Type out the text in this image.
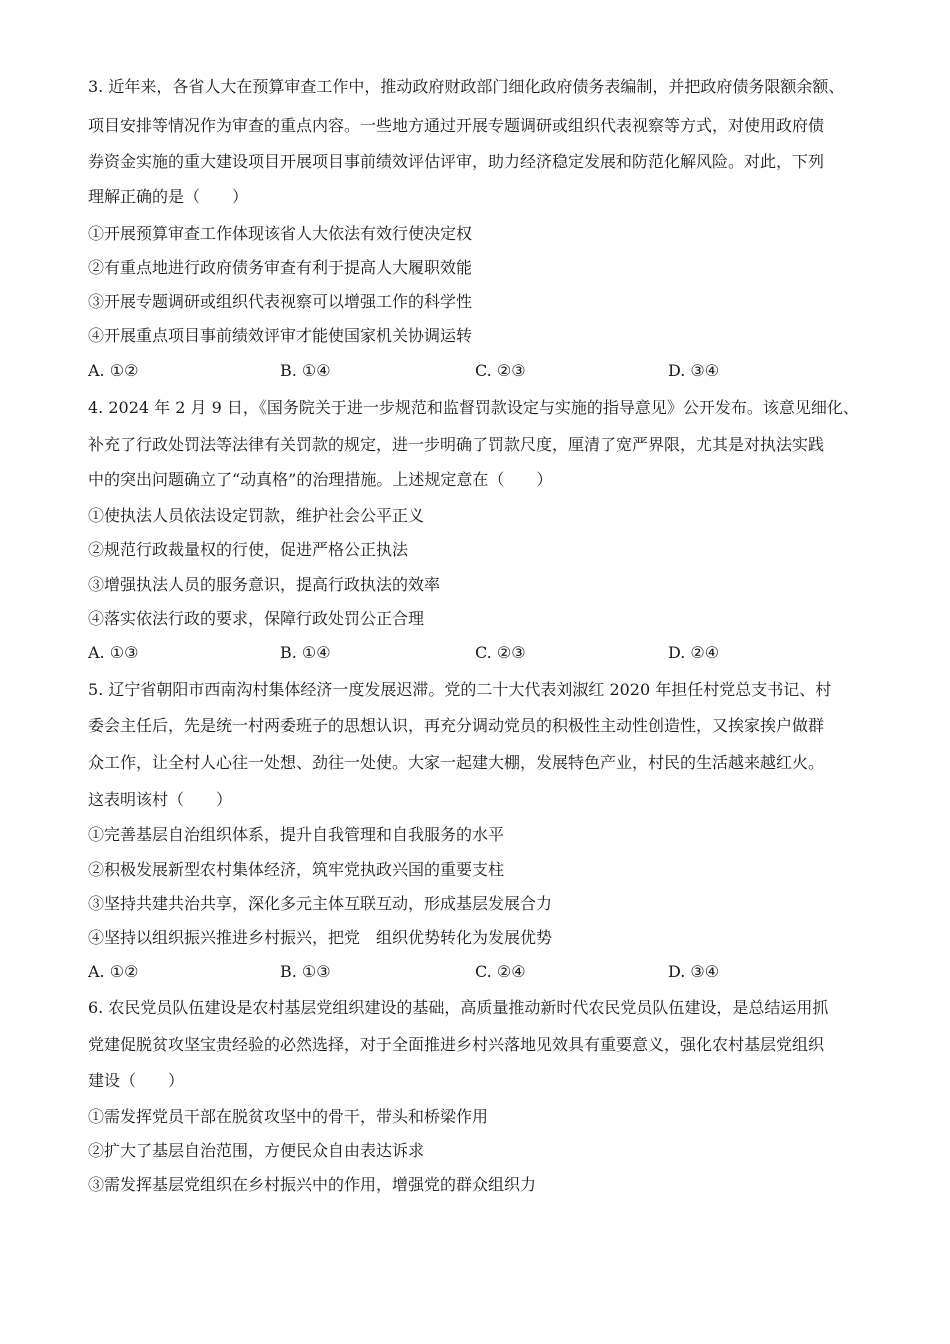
3. 近年来，各省人大在预算审查工作中，推动政府财政部门细化政府债务表编制，并把政府债务限额余额、
项目安排等情况作为审查的重点内容。一些地方通过开展专题调研或组织代表视察等方式，对使用政府债
券资金实施的重大建设项目开展项目事前绩效评估评审，助力经济稳定发展和防范化解风险。对此，下列
理解正确的是（　　）
①开展预算审查工作体现该省人大依法有效行使决定权
②有重点地进行政府债务审查有利于提高人大履职效能
③开展专题调研或组织代表视察可以增强工作的科学性
④开展重点项目事前绩效评审才能使国家机关协调运转
A. ①②	B. ①④	C. ②③	D. ③④
4. 2024 年 2 月 9 日，《国务院关于进一步规范和监督罚款设定与实施的指导意见》公开发布。该意见细化、
补充了行政处罚法等法律有关罚款的规定，进一步明确了罚款尺度，厘清了宽严界限，尤其是对执法实践
中的突出问题确立了“动真格”的治理措施。上述规定意在（　　）
①使执法人员依法设定罚款，维护社会公平正义
②规范行政裁量权的行使，促进严格公正执法
③增强执法人员的服务意识，提高行政执法的效率
④落实依法行政的要求，保障行政处罚公正合理
A. ①③	B. ①④	C. ②③	D. ②④
5. 辽宁省朝阳市西南沟村集体经济一度发展迟滞。党的二十大代表刘淑红 2020 年担任村党总支书记、村
委会主任后，先是统一村两委班子的思想认识，再充分调动党员的积极性主动性创造性，又挨家挨户做群
众工作，让全村人心往一处想、劲往一处使。大家一起建大棚，发展特色产业，村民的生活越来越红火。
这表明该村（　　）
①完善基层自治组织体系，提升自我管理和自我服务的水平
②积极发展新型农村集体经济，筑牢党执政兴国的重要支柱
③坚持共建共治共享，深化多元主体互联互动，形成基层发展合力
④坚持以组织振兴推进乡村振兴，把党　组织优势转化为发展优势
A. ①②	B. ①③	C. ②④	D. ③④
6. 农民党员队伍建设是农村基层党组织建设的基础，高质量推动新时代农民党员队伍建设，是总结运用抓
党建促脱贫攻坚宝贵经验的必然选择，对于全面推进乡村兴落地见效具有重要意义，强化农村基层党组织
建设（　　）
①需发挥党员干部在脱贫攻坚中的骨干，带头和桥梁作用
②扩大了基层自治范围，方便民众自由表达诉求
③需发挥基层党组织在乡村振兴中的作用，增强党的群众组织力
